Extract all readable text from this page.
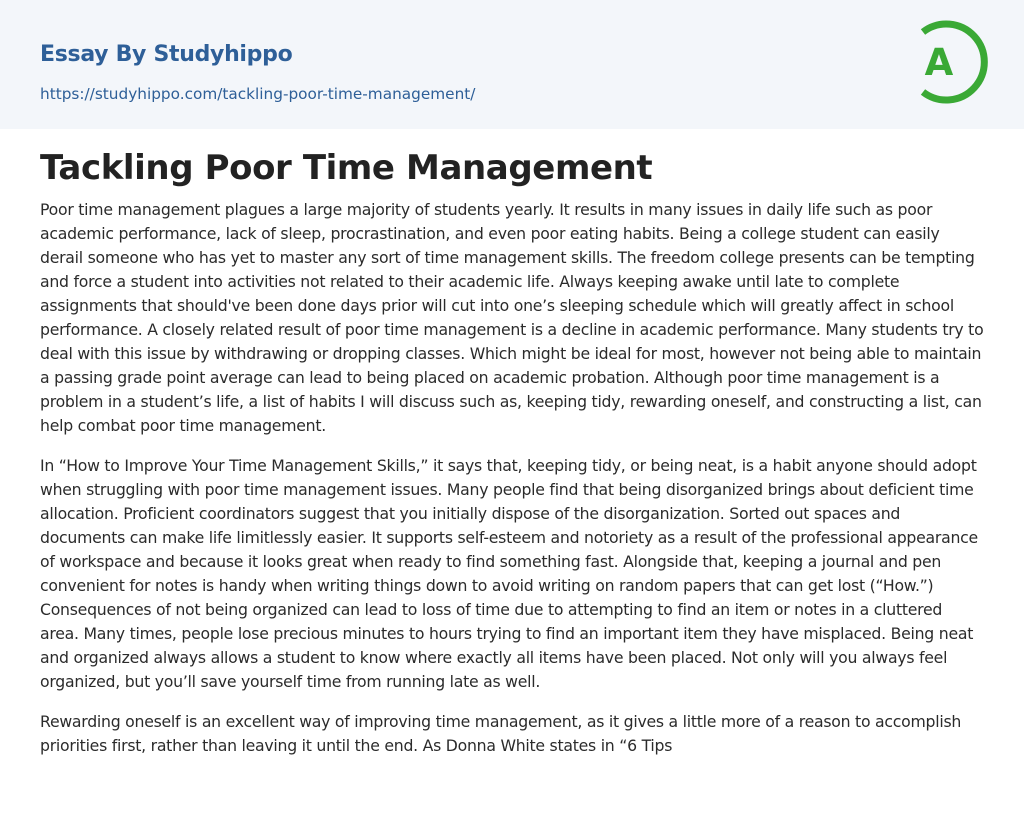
Essay By Studyhippo
https://studyhippo.com/tackling-poor-time-management/
A
Tackling Poor Time Management

Poor time management plagues a large majority of students yearly. It results in many issues in daily life such as poor academic performance, lack of sleep, procrastination, and even poor eating habits. Being a college student can easily derail someone who has yet to master any sort of time management skills. The freedom college presents can be tempting and force a student into activities not related to their academic life. Always keeping awake until late to complete assignments that should've been done days prior will cut into one’s sleeping schedule which will greatly affect in school performance. A closely related result of poor time management is a decline in academic performance. Many students try to deal with this issue by withdrawing or dropping classes. Which might be ideal for most, however not being able to maintain a passing grade point average can lead to being placed on academic probation. Although poor time management is a problem in a student’s life, a list of habits I will discuss such as, keeping tidy, rewarding oneself, and constructing a list, can help combat poor time management.

In “How to Improve Your Time Management Skills,” it says that, keeping tidy, or being neat, is a habit anyone should adopt when struggling with poor time management issues. Many people find that being disorganized brings about deficient time allocation. Proficient coordinators suggest that you initially dispose of the disorganization. Sorted out spaces and documents can make life limitlessly easier. It supports self-esteem and notoriety as a result of the professional appearance of workspace and because it looks great when ready to find something fast. Alongside that, keeping a journal and pen convenient for notes is handy when writing things down to avoid writing on random papers that can get lost (“How.”) Consequences of not being organized can lead to loss of time due to attempting to find an item or notes in a cluttered area. Many times, people lose precious minutes to hours trying to find an important item they have misplaced. Being neat and organized always allows a student to know where exactly all items have been placed. Not only will you always feel organized, but you’ll save yourself time from running late as well.

Rewarding oneself is an excellent way of improving time management, as it gives a little more of a reason to accomplish priorities first, rather than leaving it until the end. As Donna White states in “6 Tips
